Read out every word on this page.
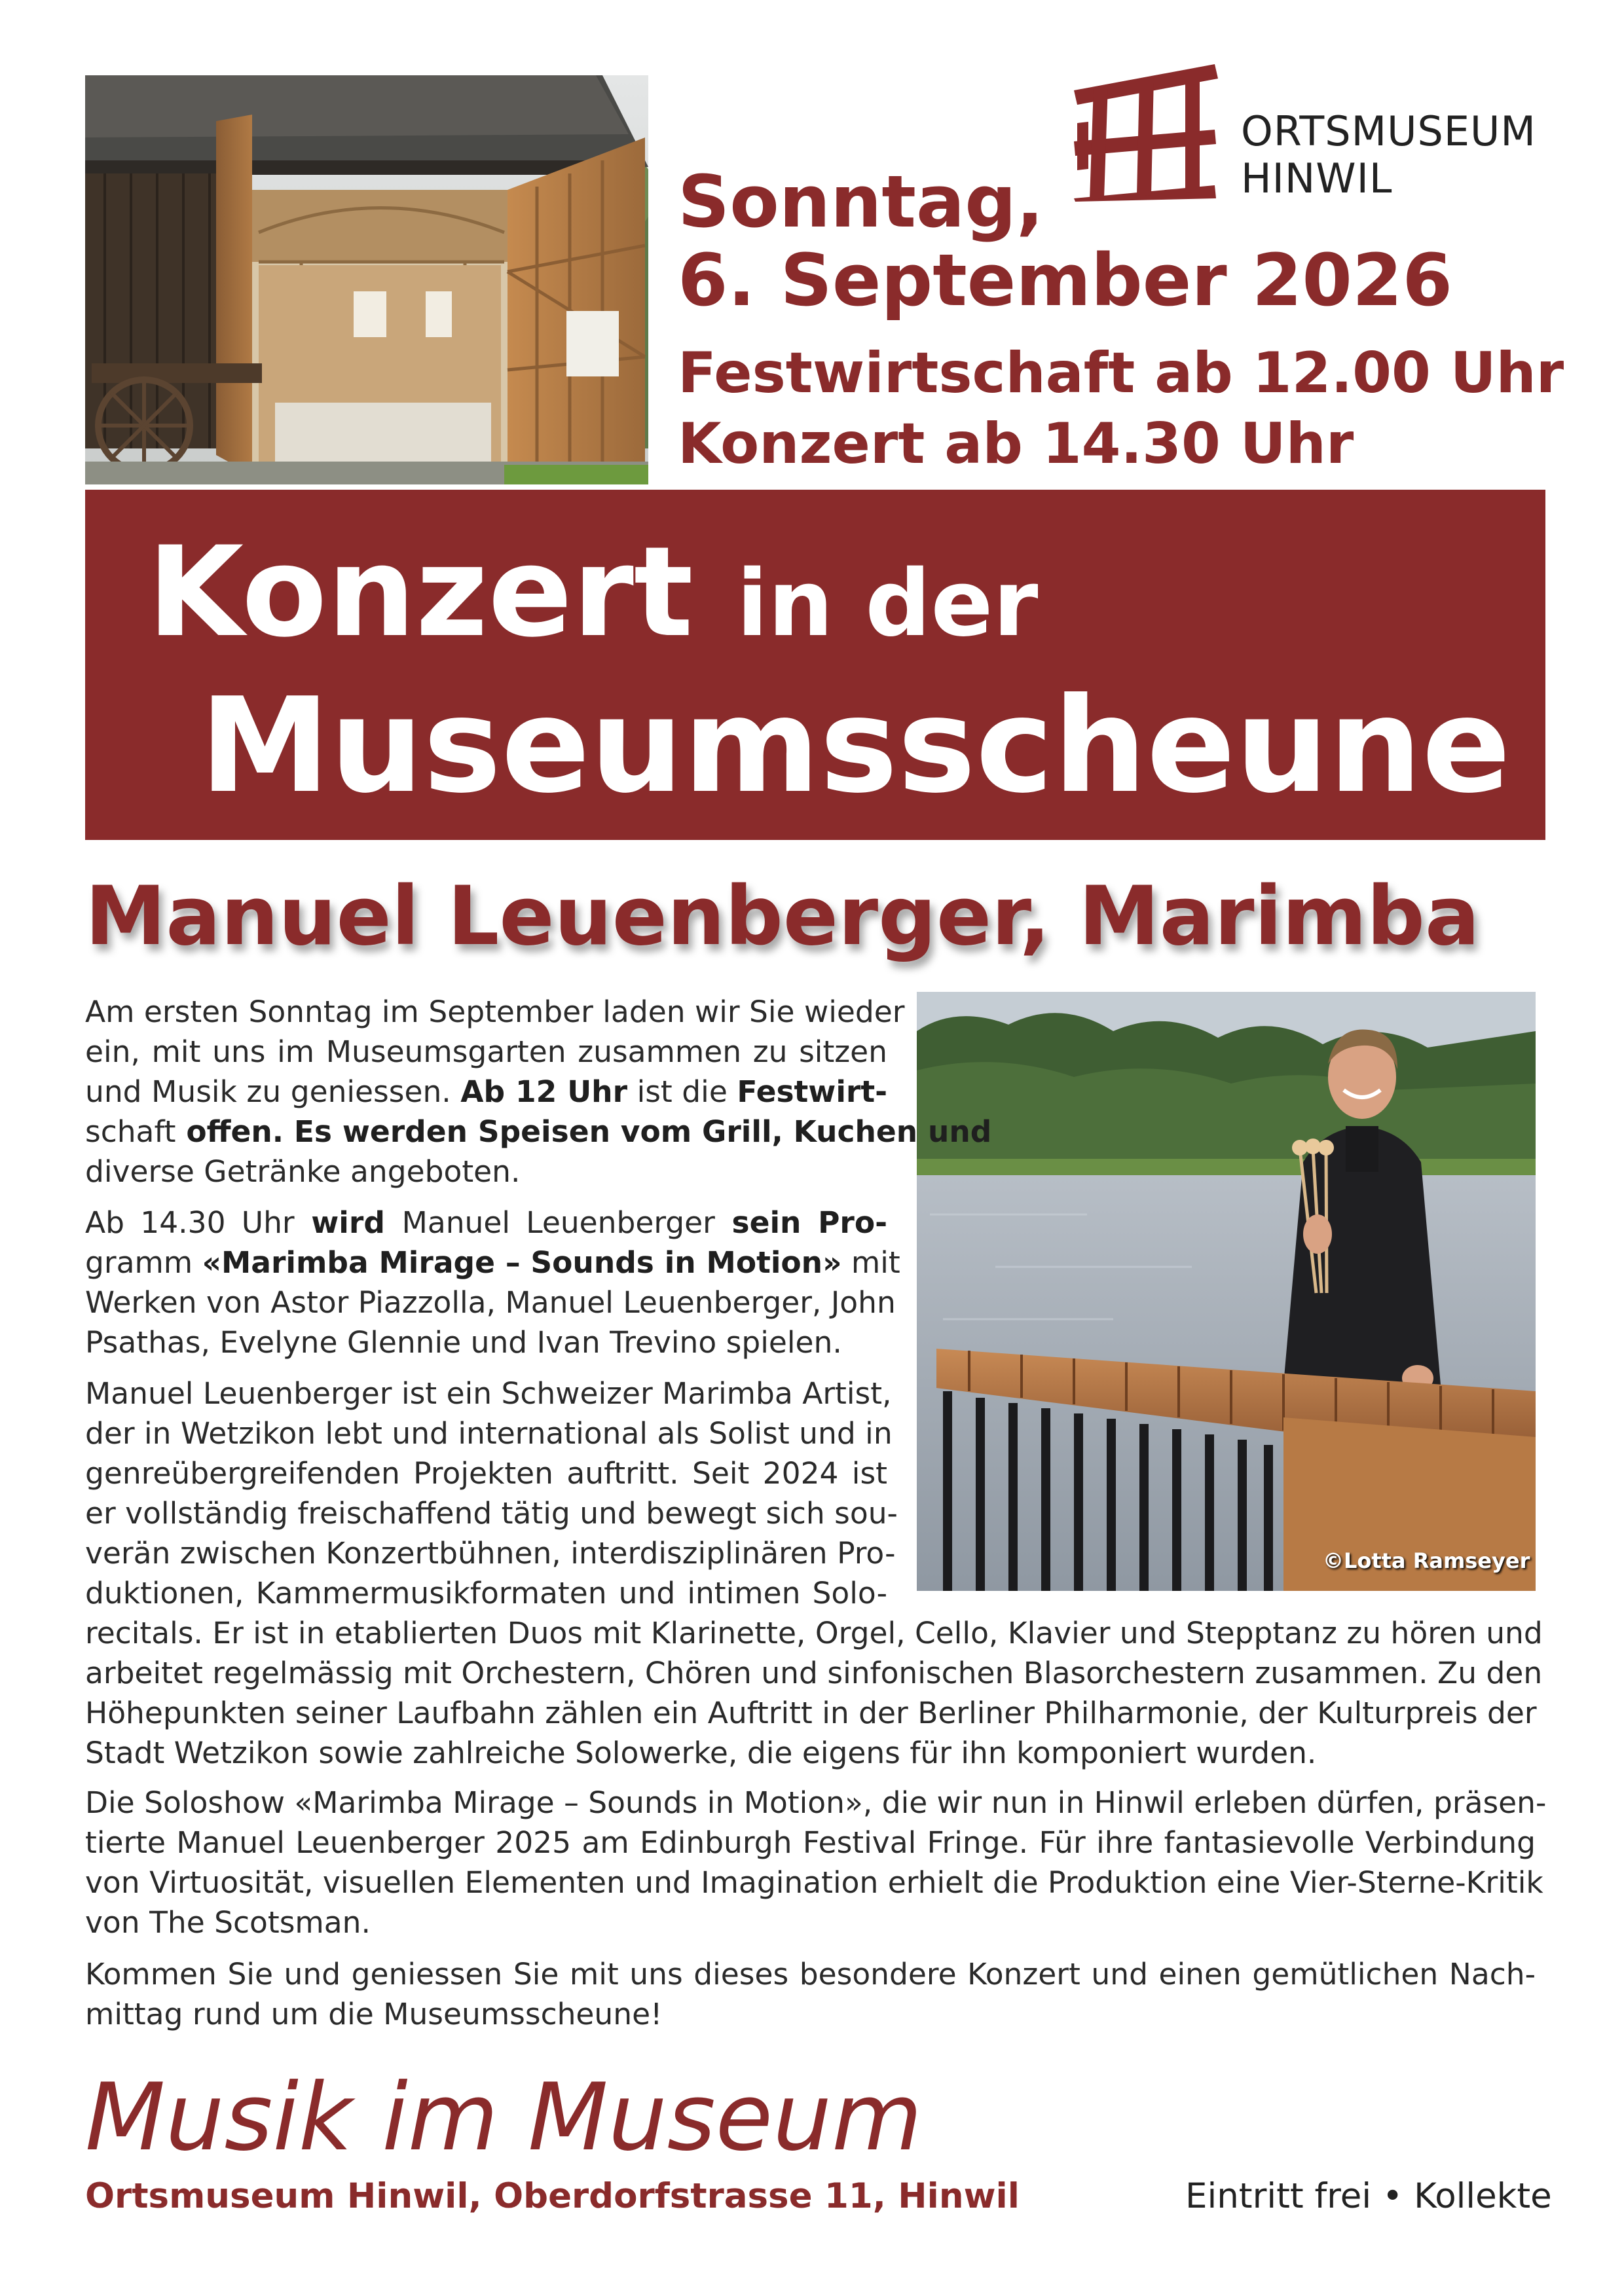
ORTSMUSEUM
HINWIL
Sonntag,
6. September 2026
Festwirtschaft ab 12.00 Uhr
Konzert ab 14.30 Uhr
Konzert in der
Museumsscheune
Manuel Leuenberger, Marimba
©Lotta Ramseyer
Am ersten Sonntag im September laden wir Sie wieder
ein, mit uns im Museumsgarten zusammen zu sitzen
und Musik zu geniessen. Ab 12 Uhr ist die Festwirt-
schaft offen. Es werden Speisen vom Grill, Kuchen und
diverse Getränke angeboten.
Ab 14.30 Uhr wird Manuel Leuenberger sein Pro-
gramm «Marimba Mirage – Sounds in Motion» mit
Werken von Astor Piazzolla, Manuel Leuenberger, John
Psathas, Evelyne Glennie und Ivan Trevino spielen.
Manuel Leuenberger ist ein Schweizer Marimba Artist,
der in Wetzikon lebt und international als Solist und in
genreübergreifenden Projekten auftritt. Seit 2024 ist
er vollständig freischaffend tätig und bewegt sich sou-
verän zwischen Konzertbühnen, interdisziplinären Pro-
duktionen, Kammermusikformaten und intimen Solo-
recitals. Er ist in etablierten Duos mit Klarinette, Orgel, Cello, Klavier und Stepptanz zu hören und
arbeitet regelmässig mit Orchestern, Chören und sinfonischen Blasorchestern zusammen. Zu den
Höhepunkten seiner Laufbahn zählen ein Auftritt in der Berliner Philharmonie, der Kulturpreis der
Stadt Wetzikon sowie zahlreiche Solowerke, die eigens für ihn komponiert wurden.
Die Soloshow «Marimba Mirage – Sounds in Motion», die wir nun in Hinwil erleben dürfen, präsen-
tierte Manuel Leuenberger 2025 am Edinburgh Festival Fringe. Für ihre fantasievolle Verbindung
von Virtuosität, visuellen Elementen und Imagination erhielt die Produktion eine Vier-Sterne-Kritik
von The Scotsman.
Kommen Sie und geniessen Sie mit uns dieses besondere Konzert und einen gemütlichen Nach-
mittag rund um die Museumsscheune!
Musik im Museum
Ortsmuseum Hinwil, Oberdorfstrasse 11, Hinwil	Eintritt frei • Kollekte
